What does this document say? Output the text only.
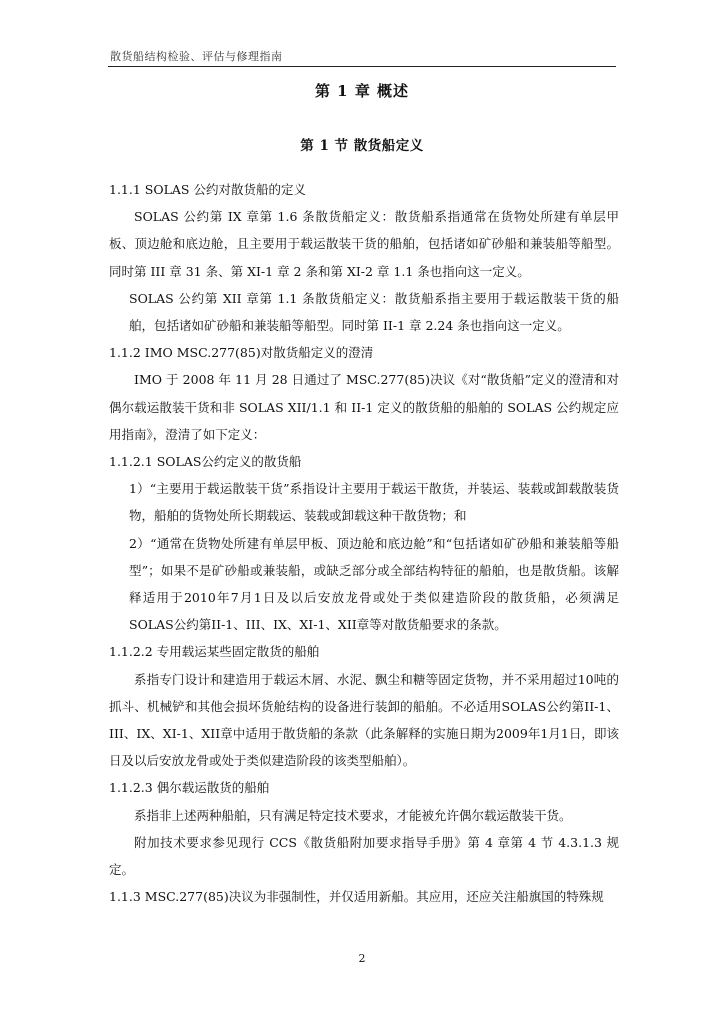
散货船结构检验、评估与修理指南
第 1 章 概述
第 1 节 散货船定义

1.1.1 SOLAS 公约对散货船的定义

SOLAS 公约第 IX 章第 1.6 条散货船定义：散货船系指通常在货物处所建有单层甲板、顶边舱和底边舱，且主要用于载运散装干货的船舶，包括诸如矿砂船和兼装船等船型。同时第 III 章 31 条、第 XI-1 章 2 条和第 XI-2 章 1.1 条也指向这一定义。

SOLAS 公约第 XII 章第 1.1 条散货船定义：散货船系指主要用于载运散装干货的船舶，包括诸如矿砂船和兼装船等船型。同时第 II-1 章 2.24 条也指向这一定义。

1.1.2 IMO MSC.277(85)对散货船定义的澄清

IMO 于 2008 年 11 月 28 日通过了 MSC.277(85)决议《对“散货船”定义的澄清和对偶尔载运散装干货和非 SOLAS XII/1.1 和 II-1 定义的散货船的船舶的 SOLAS 公约规定应用指南》，澄清了如下定义：

1.1.2.1 SOLAS公约定义的散货船

1）“主要用于载运散装干货”系指设计主要用于载运干散货，并装运、装载或卸载散装货物，船舶的货物处所长期载运、装载或卸载这种干散货物；和

2）“通常在货物处所建有单层甲板、顶边舱和底边舱”和“包括诸如矿砂船和兼装船等船型”；如果不是矿砂船或兼装船，或缺乏部分或全部结构特征的船舶，也是散货船。该解释适用于2010年7月1日及以后安放龙骨或处于类似建造阶段的散货船，必须满足SOLAS公约第II-1、III、IX、XI-1、XII章等对散货船要求的条款。

1.1.2.2 专用载运某些固定散货的船舶

系指专门设计和建造用于载运木屑、水泥、飘尘和糖等固定货物，并不采用超过10吨的抓斗、机械铲和其他会损坏货舱结构的设备进行装卸的船舶。不必适用SOLAS公约第II-1、III、IX、XI-1、XII章中适用于散货船的条款（此条解释的实施日期为2009年1月1日，即该日及以后安放龙骨或处于类似建造阶段的该类型船舶）。

1.1.2.3 偶尔载运散货的船舶

系指非上述两种船舶，只有满足特定技术要求，才能被允许偶尔载运散装干货。

附加技术要求参见现行 CCS《散货船附加要求指导手册》第 4 章第 4 节 4.3.1.3 规定。

1.1.3 MSC.277(85)决议为非强制性，并仅适用新船。其应用，还应关注船旗国的特殊规

2
